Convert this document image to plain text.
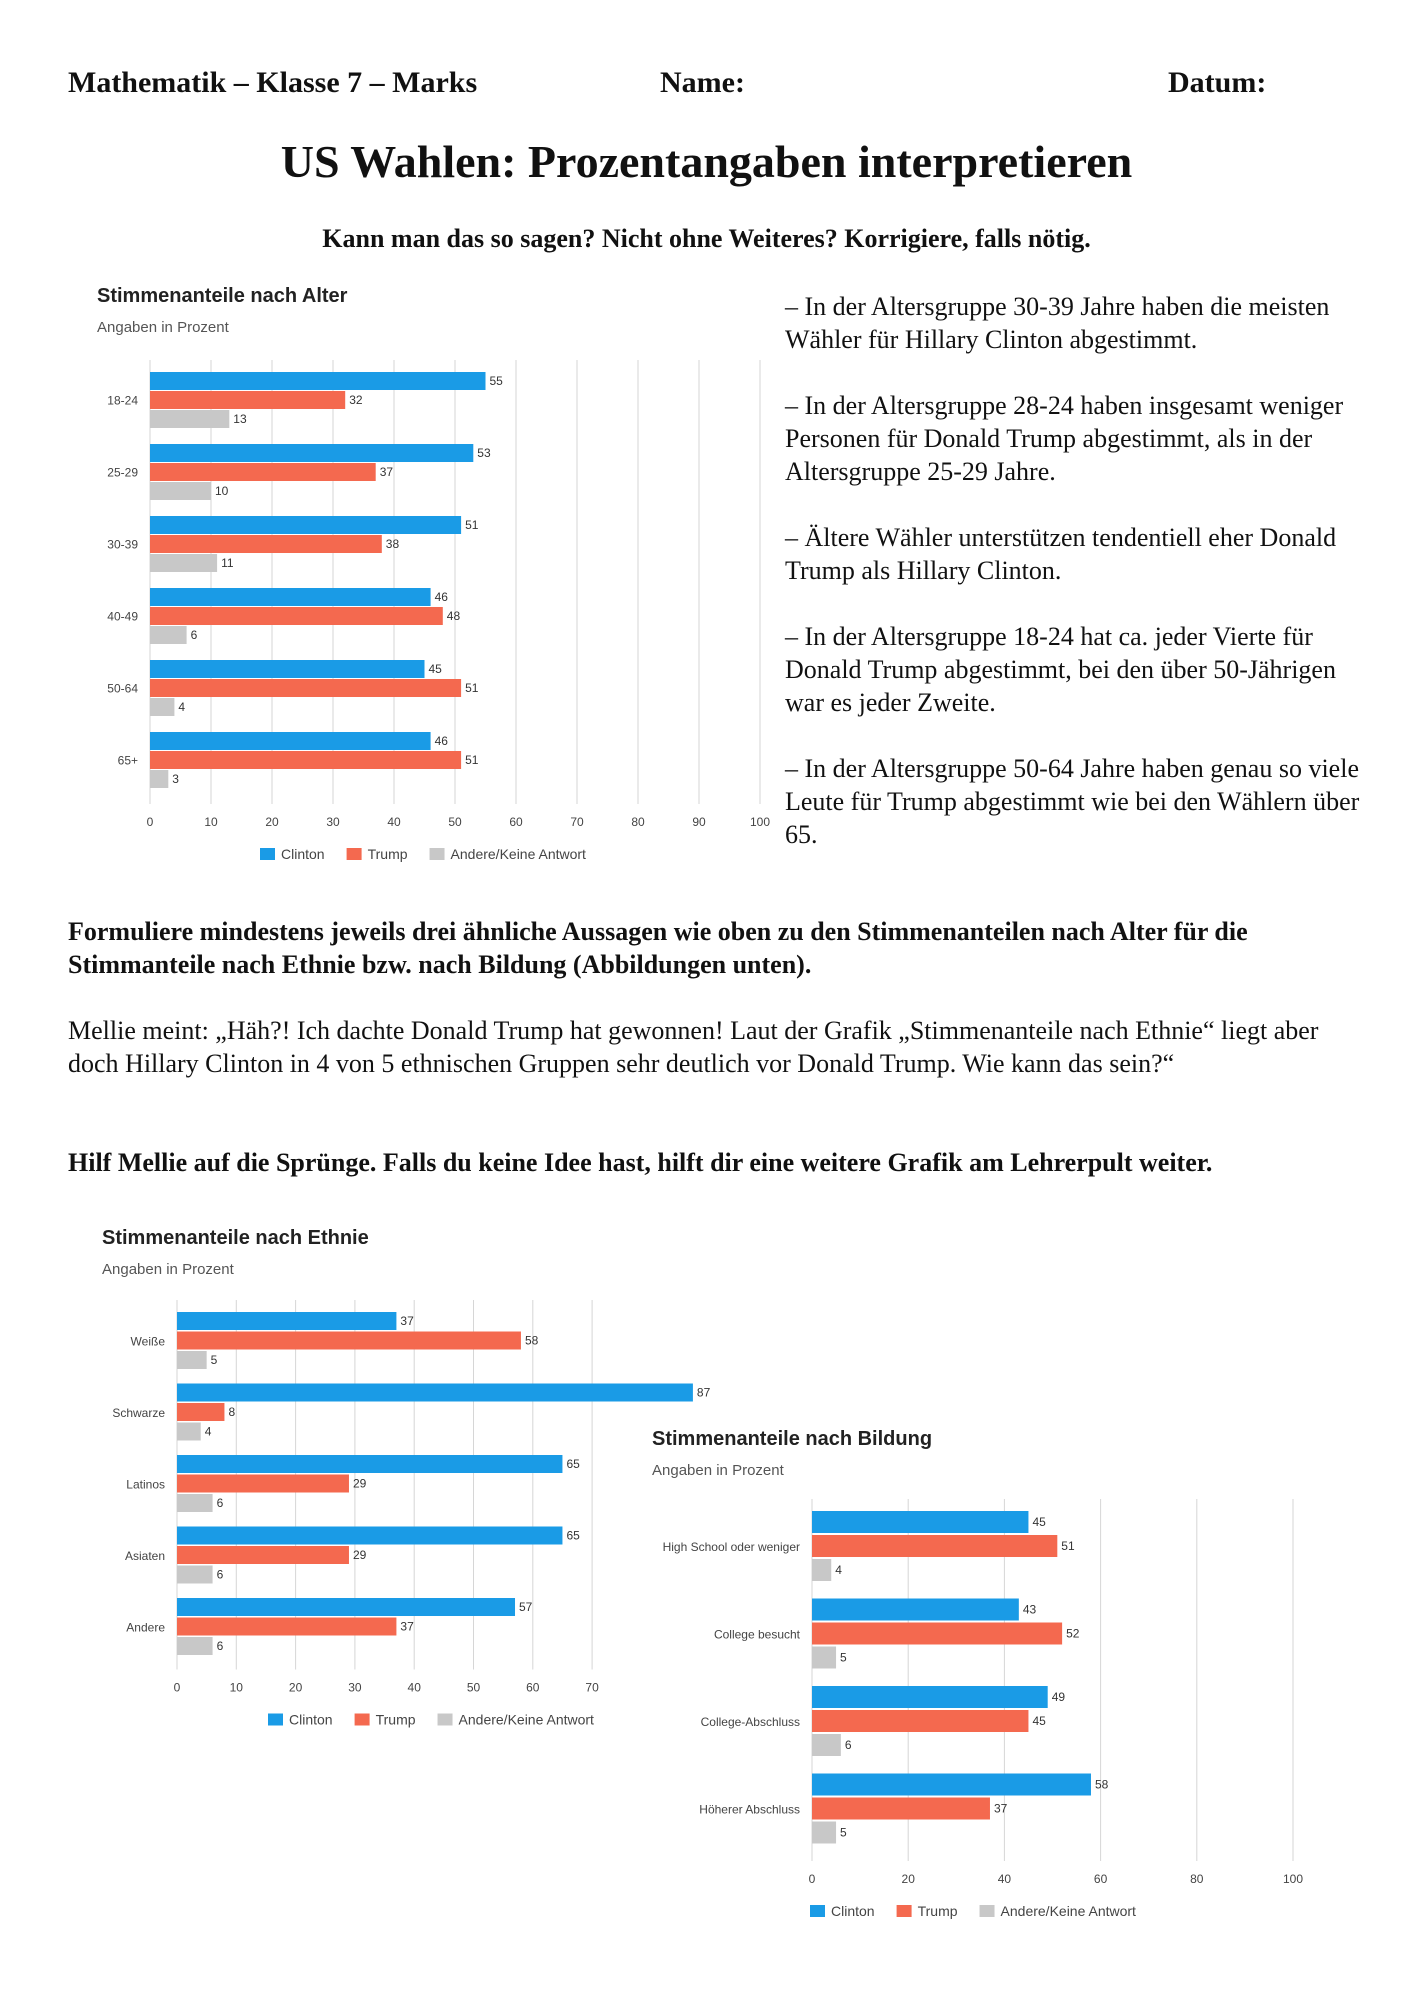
Mathematik – Klasse 7 – Marks	Name:	Datum:
US Wahlen: Prozentangaben interpretieren
Kann man das so sagen? Nicht ohne Weiteres? Korrigiere, falls nötig.
Stimmenanteile nach Alter
Angaben in Prozent
0	10	20	30	40	50	60	70	80	90	100
18-24
55
32
13
25-29
53
37
10
30-39
51
38
11
40-49
46
48
6
50-64
45
51
4
65+
46
51
3
Clinton	Trump	Andere/Keine Antwort

– In der Altersgruppe 30-39 Jahre haben die meisten Wähler für Hillary Clinton abgestimmt.

– In der Altersgruppe 28-24 haben insgesamt weniger Personen für Donald Trump abgestimmt, als in der Altersgruppe 25-29 Jahre.

– Ältere Wähler unterstützen tendentiell eher Donald Trump als Hillary Clinton.

– In der Altersgruppe 18-24 hat ca. jeder Vierte für Donald Trump abgestimmt, bei den über 50-Jährigen war es jeder Zweite.

– In der Altersgruppe 50-64 Jahre haben genau so viele Leute für Trump abgestimmt wie bei den Wählern über 65.

Formuliere mindestens jeweils drei ähnliche Aussagen wie oben zu den Stimmenanteilen nach Alter für die Stimmanteile nach Ethnie bzw. nach Bildung (Abbildungen unten).

Mellie meint: „Häh?! Ich dachte Donald Trump hat gewonnen! Laut der Grafik „Stimmenanteile nach Ethnie“ liegt aber doch Hillary Clinton in 4 von 5 ethnischen Gruppen sehr deutlich vor Donald Trump. Wie kann das sein?“

Hilf Mellie auf die Sprünge. Falls du keine Idee hast, hilft dir eine weitere Grafik am Lehrerpult weiter.

Stimmenanteile nach Ethnie
Angaben in Prozent
0	10	20	30	40	50	60	70
Weiße
37
58
5
Schwarze
87
8
4
Latinos
65
29
6
Asiaten
65
29
6
Andere
57
37
6
Clinton	Trump	Andere/Keine Antwort
Stimmenanteile nach Bildung
Angaben in Prozent
0	20	40	60	80	100
High School oder weniger
45
51
4
College besucht
43
52
5
College-Abschluss
49
45
6
Höherer Abschluss
58
37
5
Clinton	Trump	Andere/Keine Antwort
